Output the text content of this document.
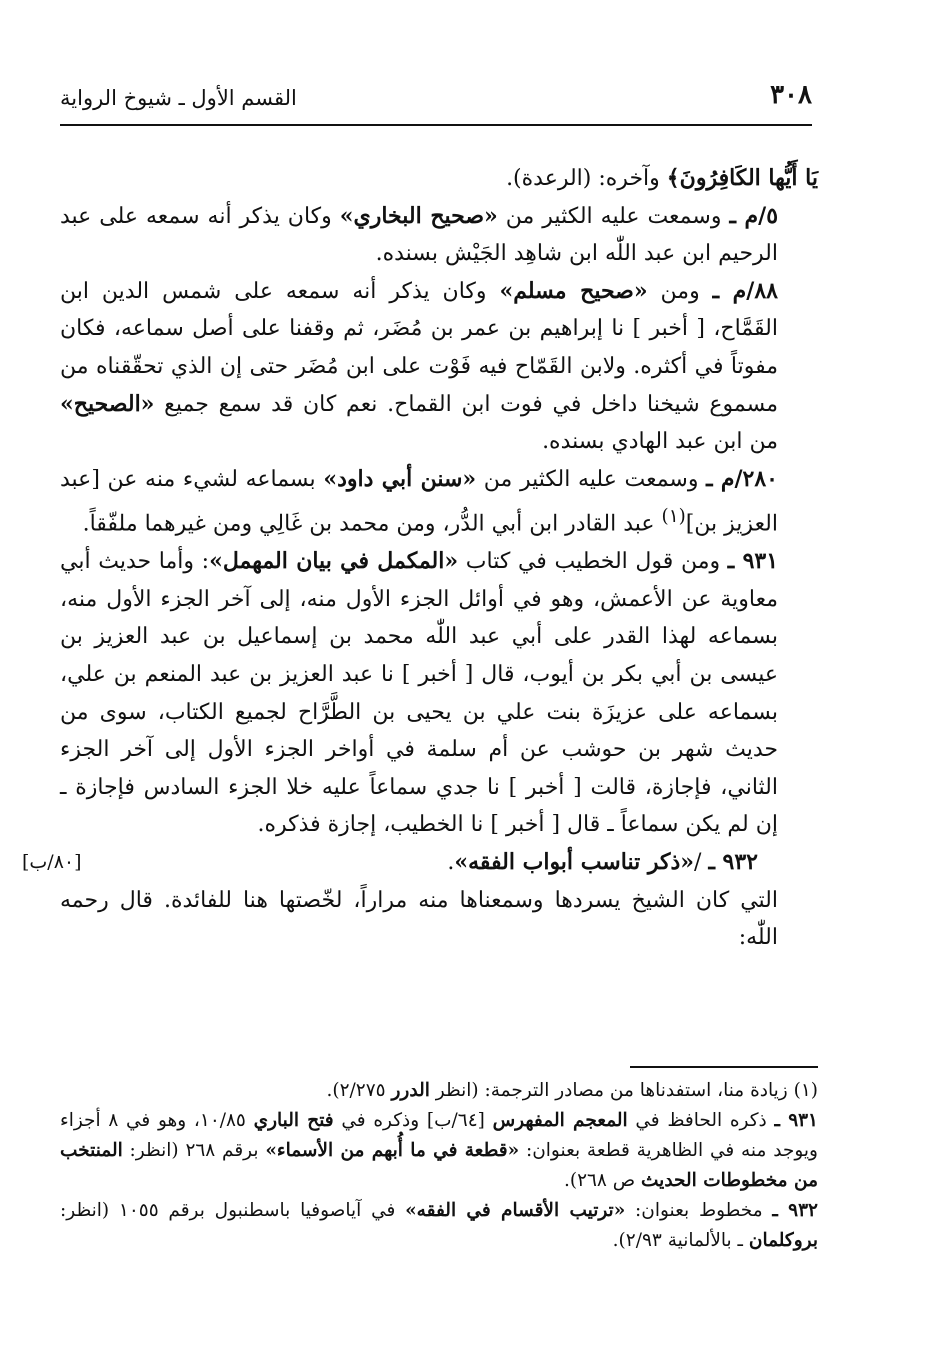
٣٠٨
القسم الأول ـ شيوخ الرواية

يَا أَيُّها الكَافِرُونَ﴾ وآخره: (الرعدة).

٥/م ـ وسمعت عليه الكثير من «صحيح البخاري» وكان يذكر أنه سمعه على عبد الرحيم ابن عبد اللّٰه ابن شاهِد الجَيْش بسنده.

٨٨/م ـ ومن «صحيح مسلم» وكان يذكر أنه سمعه على شمس الدين ابن القَمَّاح، [ أخبر ] نا إبراهيم بن عمر بن مُضَر، ثم وقفنا على أصل سماعه، فكان مفوتاً في أكثره. ولابن القَمّاح فيه فَوْت على ابن مُضَر حتى إن الذي تحقّقناه من مسموع شيخنا داخل في فوت ابن القماح. نعم كان قد سمع جميع «الصحيح» من ابن عبد الهادي بسنده.

٢٨٠/م ـ وسمعت عليه الكثير من «سنن أبي داود» بسماعه لشيء منه عن [عبد العزيز بن]$^{(١)}$ عبد القادر ابن أبي الدُّر، ومن محمد بن غَالِي ومن غيرهما ملفّقاً.

٩٣١ ـ ومن قول الخطيب في كتاب «المكمل في بيان المهمل»: وأما حديث أبي معاوية عن الأعمش، وهو في أوائل الجزء الأول منه، إلى آخر الجزء الأول منه، بسماعه لهذا القدر على أبي عبد اللّٰه محمد بن إسماعيل بن عبد العزيز بن عيسى بن أبي بكر بن أيوب، قال [ أخبر ] نا عبد العزيز بن عبد المنعم بن علي، بسماعه على عزيزَة بنت علي بن يحيى بن الطَّرَّاح لجميع الكتاب، سوى من حديث شهر بن حوشب عن أم سلمة في أواخر الجزء الأول إلى آخر الجزء الثاني، فإجازة، قالت [ أخبر ] نا جدي سماعاً عليه خلا الجزء السادس فإجازة ـ إن لم يكن سماعاً ـ قال [ أخبر ] نا الخطيب، إجازة فذكره.

٩٣٢ ـ /«ذكر تناسب أبواب الفقه».
[٨٠/ب]

التي كان الشيخ يسردها وسمعناها منه مراراً، لخّصتها هنا للفائدة. قال رحمه اللّٰه:

(١) زيادة منا، استفدناها من مصادر الترجمة: (انظر الدرر ٢/٢٧٥).

٩٣١ ـ ذكره الحافظ في المعجم المفهرس [٦٤/ب] وذكره في فتح الباري ١٠/٨٥، وهو في ٨ أجزاء ويوجد منه في الظاهرية قطعة بعنوان: «قطعة في ما أُبهم من الأسماء» برقم ٢٦٨ (انظر: المنتخب من مخطوطات الحديث ص ٢٦٨).

٩٣٢ ـ مخطوط بعنوان: «ترتيب الأقسام في الفقه» في آياصوفيا باسطنبول برقم ١٠٥٥ (انظر: بروكلمان ـ بالألمانية ٢/٩٣).
